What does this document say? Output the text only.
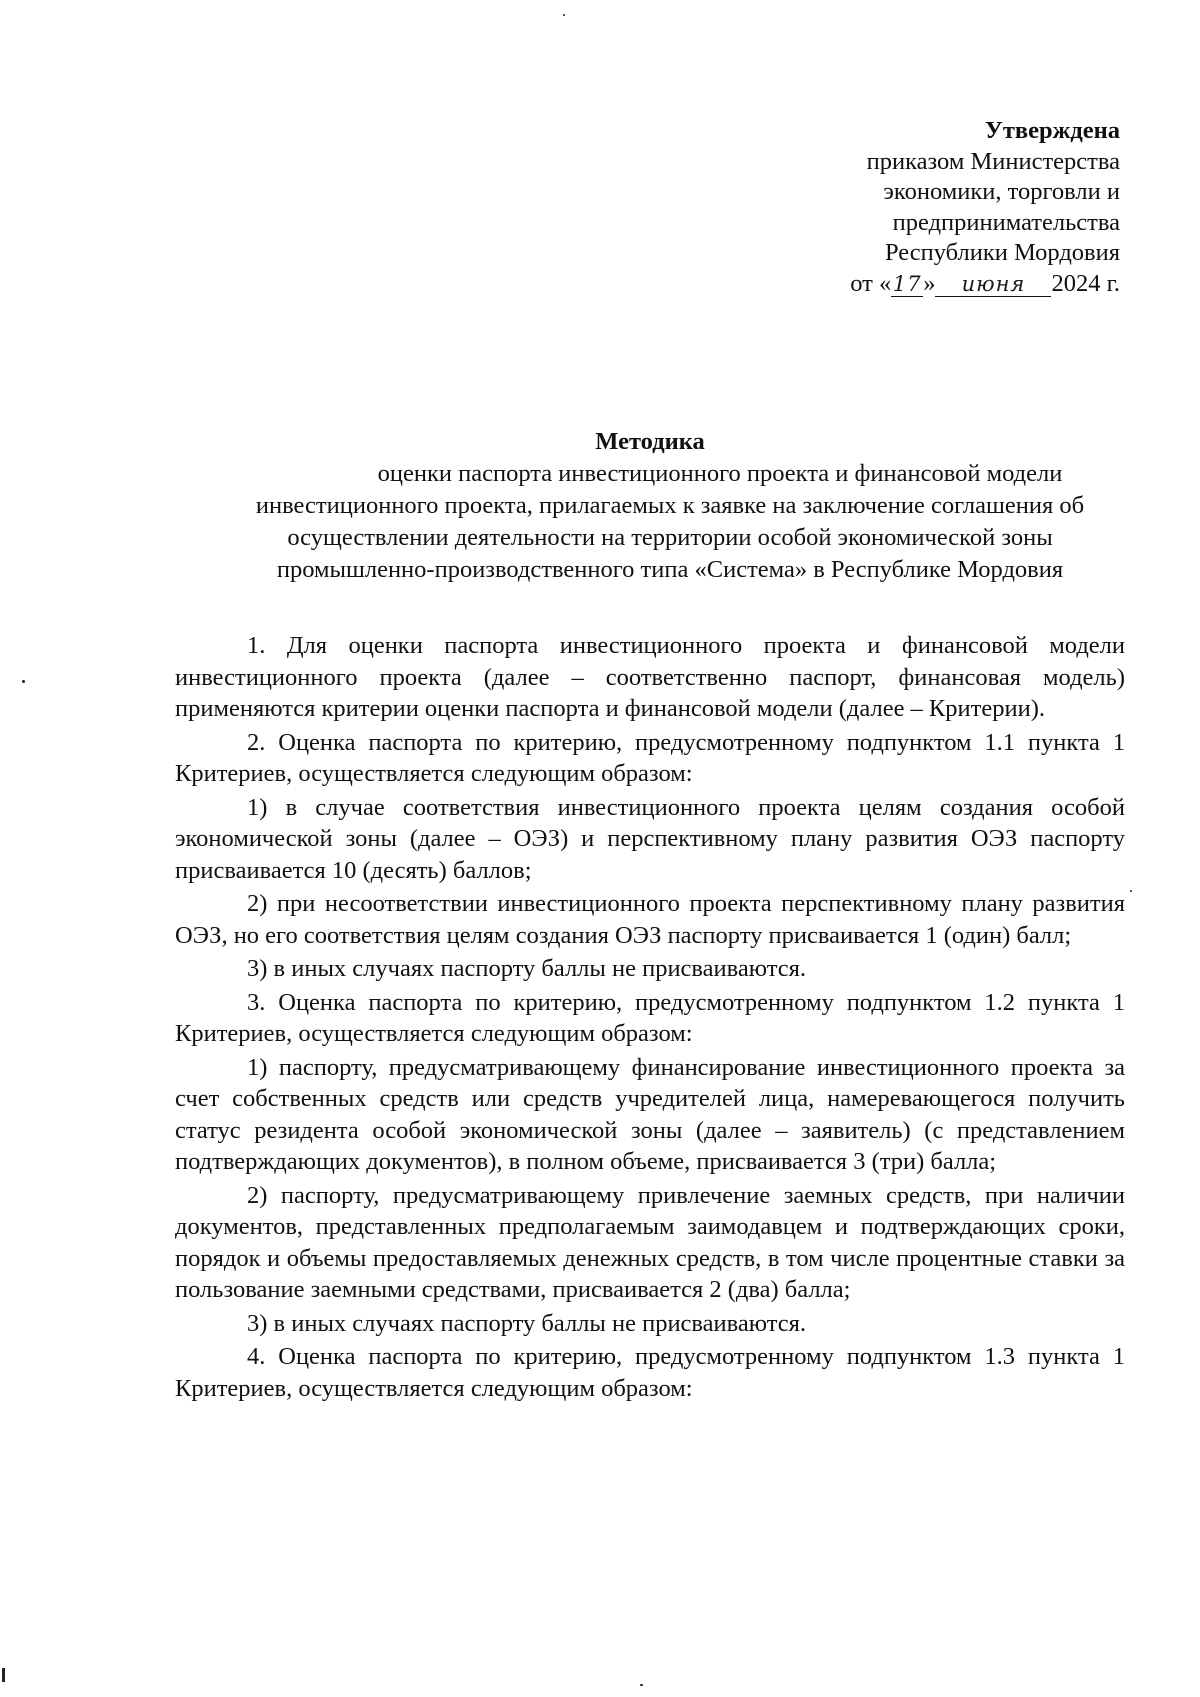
Утверждена
приказом Министерства
экономики, торговли и
предпринимательства
Республики Мордовия
от «17» июня 2024 г.
Методика
оценки паспорта инвестиционного проекта и финансовой модели инвестиционного проекта, прилагаемых к заявке на заключение соглашения об осуществлении деятельности на территории особой экономической зоны промышленно-производственного типа «Система» в Республике Мордовия

1. Для оценки паспорта инвестиционного проекта и финансовой модели инвестиционного проекта (далее – соответственно паспорт, финансовая модель) применяются критерии оценки паспорта и финансовой модели (далее – Критерии).

2. Оценка паспорта по критерию, предусмотренному подпунктом 1.1 пункта 1 Критериев, осуществляется следующим образом:

1) в случае соответствия инвестиционного проекта целям создания особой экономической зоны (далее – ОЭЗ) и перспективному плану развития ОЭЗ паспорту присваивается 10 (десять) баллов;

2) при несоответствии инвестиционного проекта перспективному плану развития ОЭЗ, но его соответствия целям создания ОЭЗ паспорту присваивается 1 (один) балл;

3) в иных случаях паспорту баллы не присваиваются.

3. Оценка паспорта по критерию, предусмотренному подпунктом 1.2 пункта 1 Критериев, осуществляется следующим образом:

1) паспорту, предусматривающему финансирование инвестиционного проекта за счет собственных средств или средств учредителей лица, намеревающегося получить статус резидента особой экономической зоны (далее – заявитель) (с представлением подтверждающих документов), в полном объеме, присваивается 3 (три) балла;

2) паспорту, предусматривающему привлечение заемных средств, при наличии документов, представленных предполагаемым заимодавцем и подтверждающих сроки, порядок и объемы предоставляемых денежных средств, в том числе процентные ставки за пользование заемными средствами, присваивается 2 (два) балла;

3) в иных случаях паспорту баллы не присваиваются.

4. Оценка паспорта по критерию, предусмотренному подпунктом 1.3 пункта 1 Критериев, осуществляется следующим образом:
